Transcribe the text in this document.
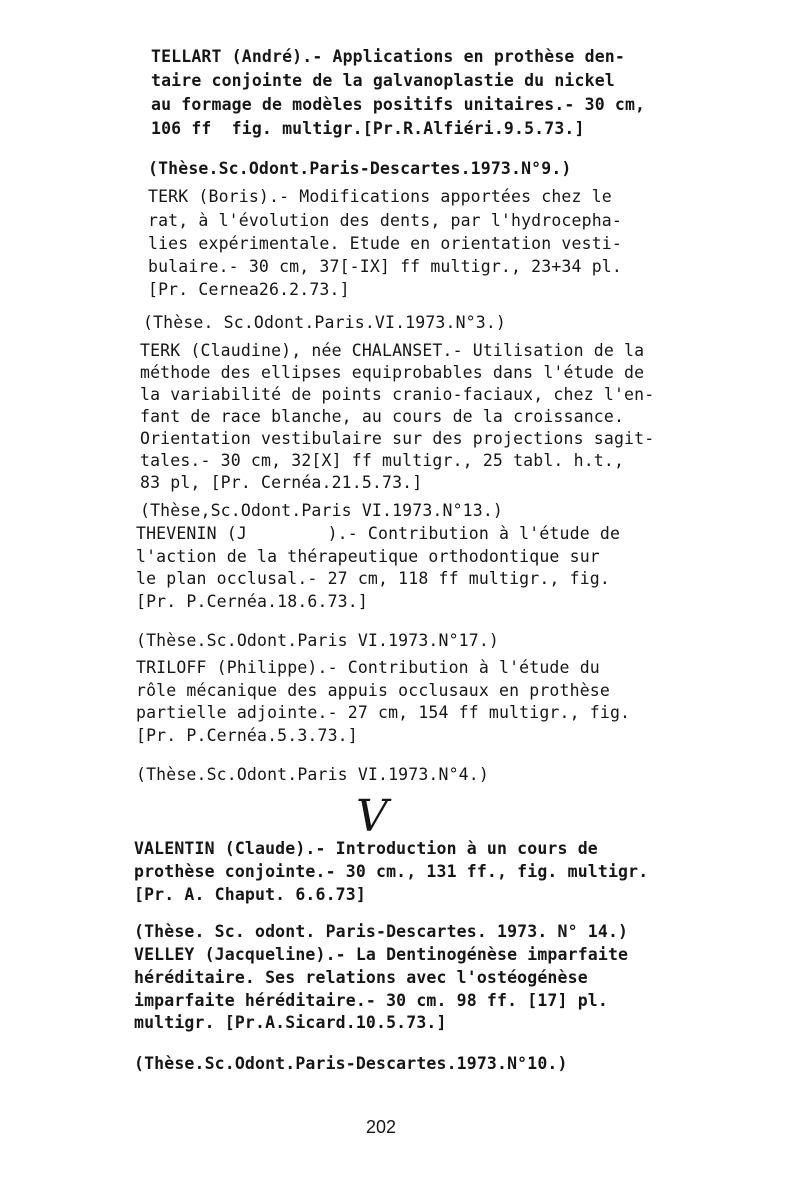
TELLART (André).- Applications en prothèse den-
taire conjointe de la galvanoplastie du nickel
au formage de modèles positifs unitaires.- 30 cm,
106 ff  fig. multigr.[Pr.R.Alfiéri.9.5.73.]
(Thèse.Sc.Odont.Paris-Descartes.1973.N°9.)
TERK (Boris).- Modifications apportées chez le
rat, à l'évolution des dents, par l'hydrocepha-
lies expérimentale. Etude en orientation vesti-
bulaire.- 30 cm, 37[-IX] ff multigr., 23+34 pl.
[Pr. Cernea26.2.73.]
(Thèse. Sc.Odont.Paris.VI.1973.N°3.)
TERK (Claudine), née CHALANSET.- Utilisation de la
méthode des ellipses equiprobables dans l'étude de
la variabilité de points cranio-faciaux, chez l'en-
fant de race blanche, au cours de la croissance.
Orientation vestibulaire sur des projections sagit-
tales.- 30 cm, 32[X] ff multigr., 25 tabl. h.t.,
83 pl, [Pr. Cernéa.21.5.73.]
(Thèse,Sc.Odont.Paris VI.1973.N°13.)
THEVENIN (J        ).- Contribution à l'étude de
l'action de la thérapeutique orthodontique sur
le plan occlusal.- 27 cm, 118 ff multigr., fig.
[Pr. P.Cernéa.18.6.73.]
(Thèse.Sc.Odont.Paris VI.1973.N°17.)
TRILOFF (Philippe).- Contribution à l'étude du
rôle mécanique des appuis occlusaux en prothèse
partielle adjointe.- 27 cm, 154 ff multigr., fig.
[Pr. P.Cernéa.5.3.73.]
(Thèse.Sc.Odont.Paris VI.1973.N°4.)
V
VALENTIN (Claude).- Introduction à un cours de
prothèse conjointe.- 30 cm., 131 ff., fig. multigr.
[Pr. A. Chaput. 6.6.73]
(Thèse. Sc. odont. Paris-Descartes. 1973. N° 14.)
VELLEY (Jacqueline).- La Dentinogénèse imparfaite
héréditaire. Ses relations avec l'ostéogénèse
imparfaite héréditaire.- 30 cm. 98 ff. [17] pl.
multigr. [Pr.A.Sicard.10.5.73.]
(Thèse.Sc.Odont.Paris-Descartes.1973.N°10.)
202
